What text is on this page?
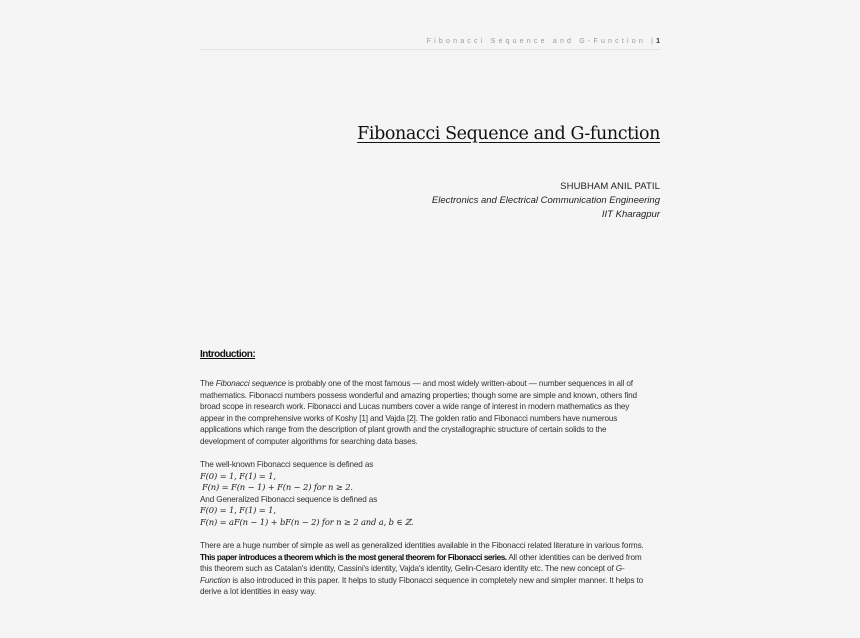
Fibonacci Sequence and G-Function |1
Fibonacci Sequence and G-function
SHUBHAM ANIL PATIL
Electronics and Electrical Communication Engineering
IIT Kharagpur
Introduction:
The Fibonacci sequence is probably one of the most famous — and most widely written-about — number sequences in all of
mathematics. Fibonacci numbers possess wonderful and amazing properties; though some are simple and known, others find
broad scope in research work. Fibonacci and Lucas numbers cover a wide range of interest in modern mathematics as they
appear in the comprehensive works of Koshy [1] and Vajda [2]. The golden ratio and Fibonacci numbers have numerous
applications which range from the description of plant growth and the crystallographic structure of certain solids to the
development of computer algorithms for searching data bases.
The well-known Fibonacci sequence is defined as
F(0) = 1, F(1) = 1,
F(n) = F(n − 1) + F(n − 2) for n ≥ 2.
And Generalized Fibonacci sequence is defined as
F(0) = 1, F(1) = 1,
F(n) = aF(n − 1) + bF(n − 2) for n ≥ 2 and a, b ∈ ℤ.
There are a huge number of simple as well as generalized identities available in the Fibonacci related literature in various forms.
This paper introduces a theorem which is the most general theorem for Fibonacci series. All other identities can be derived from
this theorem such as Catalan's identity, Cassini's identity, Vajda's identity, Gelin-Cesaro identity etc. The new concept of G-
Function is also introduced in this paper. It helps to study Fibonacci sequence in completely new and simpler manner. It helps to
derive a lot identities in easy way.
